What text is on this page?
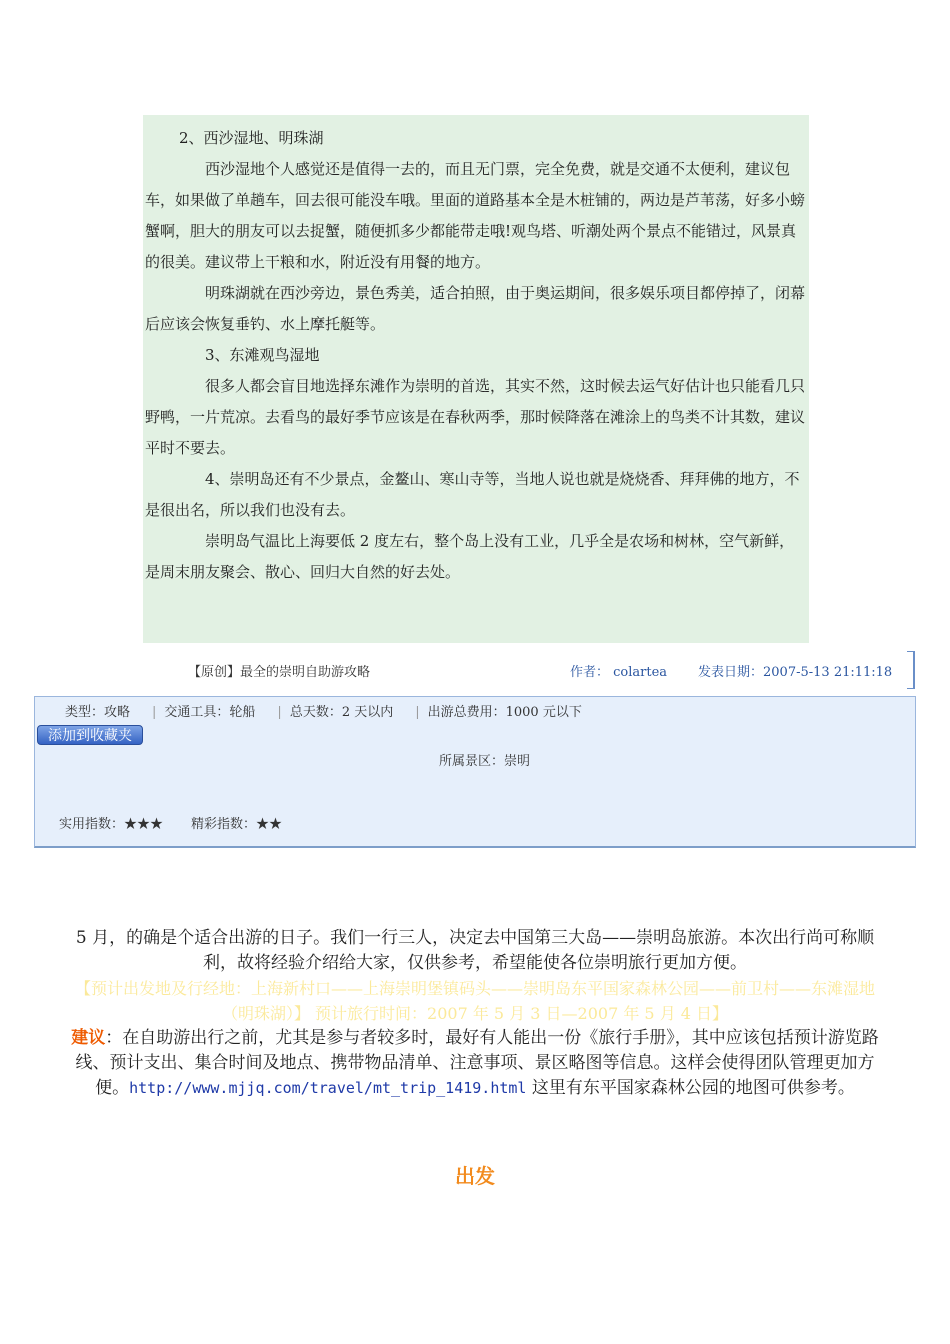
2、西沙湿地、明珠湖

西沙湿地个人感觉还是值得一去的，而且无门票，完全免费，就是交通不太便利，建议包车，如果做了单趟车，回去很可能没车哦。里面的道路基本全是木桩铺的，两边是芦苇荡，好多小螃蟹啊，胆大的朋友可以去捉蟹，随便抓多少都能带走哦!观鸟塔、听潮处两个景点不能错过，风景真的很美。建议带上干粮和水，附近没有用餐的地方。

明珠湖就在西沙旁边，景色秀美，适合拍照，由于奥运期间，很多娱乐项目都停掉了，闭幕后应该会恢复垂钓、水上摩托艇等。

3、东滩观鸟湿地

很多人都会盲目地选择东滩作为崇明的首选，其实不然，这时候去运气好估计也只能看几只野鸭，一片荒凉。去看鸟的最好季节应该是在春秋两季，那时候降落在滩涂上的鸟类不计其数，建议平时不要去。

4、崇明岛还有不少景点，金鳌山、寒山寺等，当地人说也就是烧烧香、拜拜佛的地方，不是很出名，所以我们也没有去。

崇明岛气温比上海要低 2 度左右，整个岛上没有工业，几乎全是农场和树林，空气新鲜，是周末朋友聚会、散心、回归大自然的好去处。

【原创】最全的崇明自助游攻略	作者： colartea 发表日期：2007-5-13 21:11:18
类型：攻略 | 交通工具：轮船 | 总天数：2 天以内 | 出游总费用：1000 元以下
添加到收藏夹
所属景区：崇明
实用指数：★★★ 精彩指数：★★

5 月，的确是个适合出游的日子。我们一行三人，决定去中国第三大岛——崇明岛旅游。本次出行尚可称顺利，故将经验介绍给大家，仅供参考，希望能使各位崇明旅行更加方便。

【预计出发地及行经地：上海新村口——上海崇明堡镇码头——崇明岛东平国家森林公园——前卫村——东滩湿地（明珠湖）】 预计旅行时间：2007 年 5 月 3 日—2007 年 5 月 4 日】

建议：在自助游出行之前，尤其是参与者较多时，最好有人能出一份《旅行手册》，其中应该包括预计游览路线、预计支出、集合时间及地点、携带物品清单、注意事项、景区略图等信息。这样会使得团队管理更加方便。http://www.mjjq.com/travel/mt_trip_1419.html 这里有东平国家森林公园的地图可供参考。

出发
